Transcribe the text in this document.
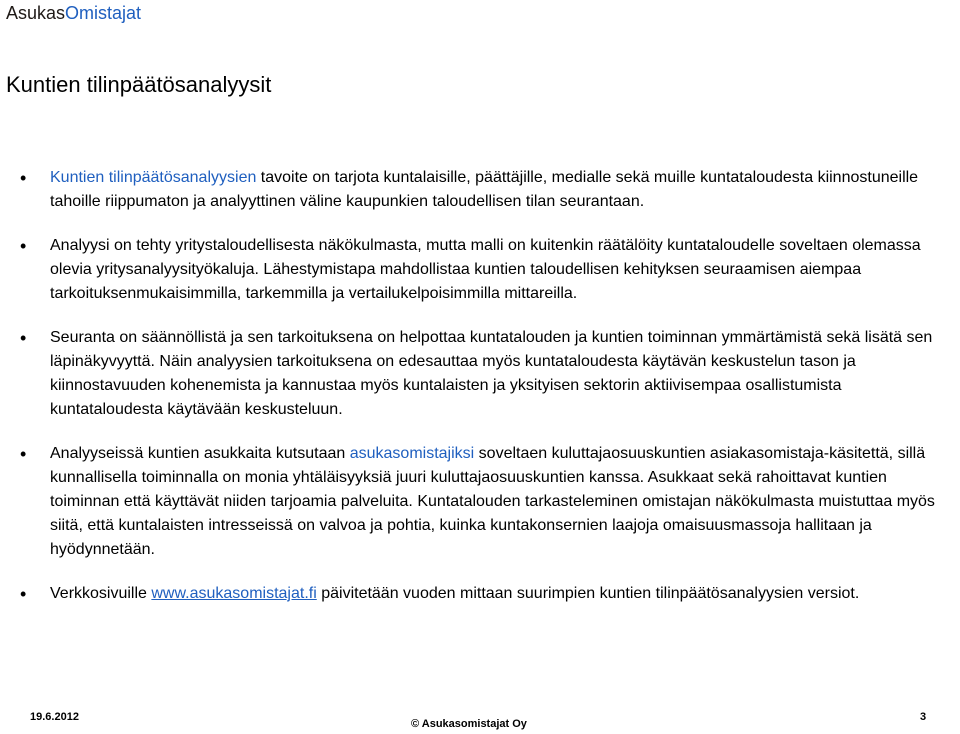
AsukasOmistajat
Kuntien tilinpäätösanalyysit
• Kuntien tilinpäätösanalyysien tavoite on tarjota kuntalaisille, päättäjille, medialle sekä muille kuntataloudesta kiinnostuneille tahoille riippumaton ja analyyttinen väline kaupunkien taloudellisen tilan seurantaan.
• Analyysi on tehty yritystaloudellisesta näkökulmasta, mutta malli on kuitenkin räätälöity kuntataloudelle soveltaen olemassa olevia yritysanalyysityökaluja. Lähestymistapa mahdollistaa kuntien taloudellisen kehityksen seuraamisen aiempaa tarkoituksenmukaisimmilla, tarkemmilla ja vertailukelpoisimmilla mittareilla.
• Seuranta on säännöllistä ja sen tarkoituksena on helpottaa kuntatalouden ja kuntien toiminnan ymmärtämistä sekä lisätä sen läpinäkyvyyttä. Näin analyysien tarkoituksena on edesauttaa myös kuntataloudesta käytävän keskustelun tason ja kiinnostavuuden kohenemista ja kannustaa myös kuntalaisten ja yksityisen sektorin aktiivisempaa osallistumista kuntataloudesta käytävään keskusteluun.
• Analyyseissä kuntien asukkaita kutsutaan asukasomistajiksi soveltaen kuluttajaosuuskuntien asiakasomistaja-käsitettä, sillä kunnallisella toiminnalla on monia yhtäläisyyksiä juuri kuluttajaosuuskuntien kanssa. Asukkaat sekä rahoittavat kuntien toiminnan että käyttävät niiden tarjoamia palveluita. Kuntatalouden tarkasteleminen omistajan näkökulmasta muistuttaa myös siitä, että kuntalaisten intresseissä on valvoa ja pohtia, kuinka kuntakonsernien laajoja omaisuusmassoja hallitaan ja hyödynnetään.
• Verkkosivuille www.asukasomistajat.fi päivitetään vuoden mittaan suurimpien kuntien tilinpäätösanalyysien versiot.
19.6.2012
© Asukasomistajat Oy
3
